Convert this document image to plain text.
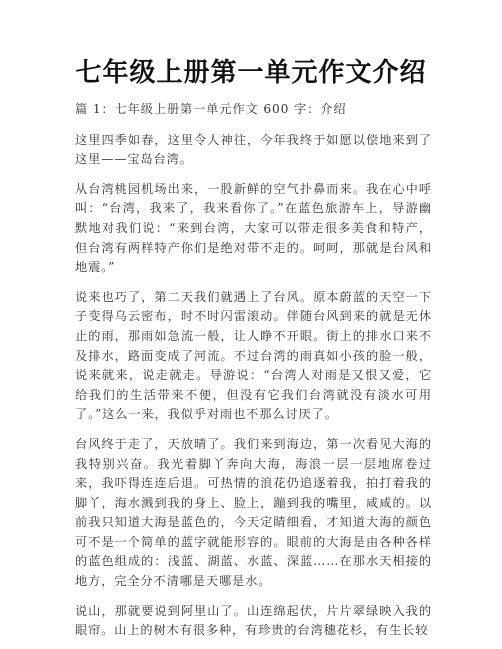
七年级上册第一单元作文介绍

篇 1：七年级上册第一单元作文 600 字：介绍

这里四季如春，这里令人神往，今年我终于如愿以偿地来到了这里——宝岛台湾。

从台湾桃园机场出来，一股新鲜的空气扑鼻而来。我在心中呼叫：“台湾，我来了，我来看你了。”在蓝色旅游车上，导游幽默地对我们说：“来到台湾，大家可以带走很多美食和特产，但台湾有两样特产你们是绝对带不走的。呵呵，那就是台风和地震。”

说来也巧了，第二天我们就遇上了台风。原本蔚蓝的天空一下子变得乌云密布，时不时闪雷滚动。伴随台风到来的就是无休止的雨，那雨如急流一般，让人睁不开眼。街上的排水口来不及排水，路面变成了河流。不过台湾的雨真如小孩的脸一般，说来就来，说走就走。导游说：“台湾人对雨是又恨又爱，它给我们的生活带来不便，但没有它我们台湾就没有淡水可用了。”这么一来，我似乎对雨也不那么讨厌了。

台风终于走了，天放晴了。我们来到海边，第一次看见大海的我特别兴奋。我光着脚丫奔向大海，海浪一层一层地席卷过来，我吓得连连后退。可热情的浪花仍追逐着我，拍打着我的脚丫，海水溅到我的身上、脸上，蹦到我的嘴里，咸咸的。以前我只知道大海是蓝色的，今天定睛细看，才知道大海的颜色可不是一个简单的蓝字就能形容的。眼前的大海是由各种各样的蓝色组成的：浅蓝、湖蓝、水蓝、深蓝……在那水天相接的地方，完全分不清哪是天哪是水。

说山，那就要说到阿里山了。山连绵起伏，片片翠绿映入我的眼帘。山上的树木有很多种，有珍贵的台湾穗花杉，有生长较
